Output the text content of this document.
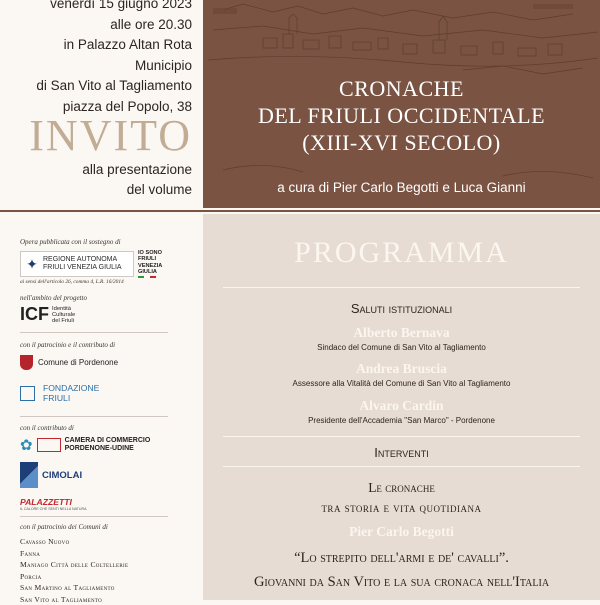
venerdì 15 giugno 2023
alle ore 20.30
in Palazzo Altan Rota
Municipio
di San Vito al Tagliamento
piazza del Popolo, 38
INVITO
alla presentazione
del volume
CRONACHE
DEL FRIULI OCCIDENTALE
(XIII-XVI SECOLO)
a cura di Pier Carlo Begotti e Luca Gianni
Opera pubblicata con il sostegno di
✦ REGIONE AUTONOMA
FRIULI VENEZIA GIULIA
IO SONO
FRIULI
VENEZIA
GIULIA
ai sensi dell'articolo 26, comma 4, L.R. 16/2014
nell'ambito del progetto
ICF Identità
Culturale
del Friuli
con il patrocinio e il contributo di
Comune di Pordenone
FONDAZIONE
FRIULI
con il contributo di
✿	CAMERA DI COMMERCIO
PORDENONE-UDINE
CIMOLAI
PALAZZETTI
IL CALORE CHE SENTI NELLA NATURA
con il patrocinio dei Comuni di
Cavasso Nuovo
Fanna
Maniago Città delle Coltellerie
Porcia
San Martino al Tagliamento
San Vito al Tagliamento
PROGRAMMA
Saluti istituzionali
Alberto Bernava
Sindaco del Comune di San Vito al Tagliamento
Andrea Bruscia
Assessore alla Vitalità del Comune di San Vito al Tagliamento
Alvaro Cardin
Presidente dell'Accademia "San Marco" - Pordenone
Interventi
Le cronache
tra storia e vita quotidiana
Pier Carlo Begotti
“Lo strepito dell'armi e de' cavalli”.
Giovanni da San Vito e la sua cronaca nell'Italia
